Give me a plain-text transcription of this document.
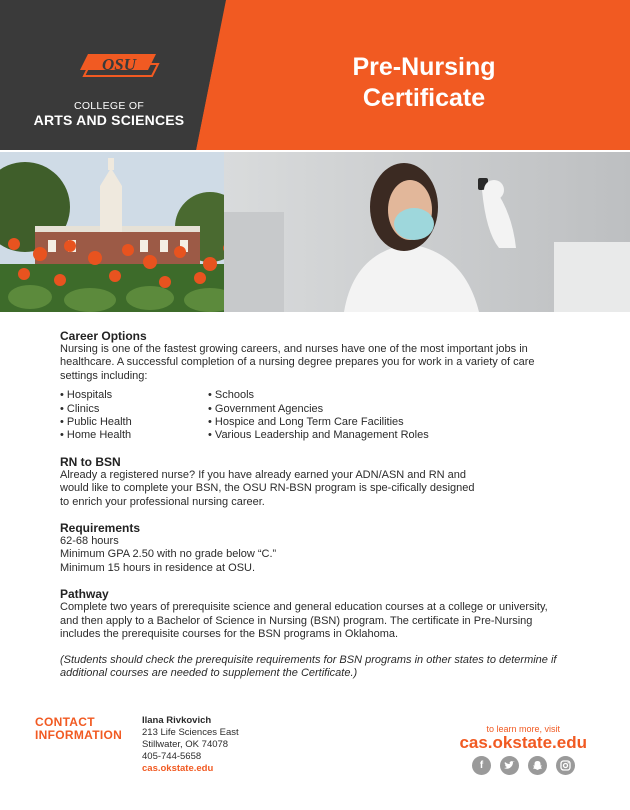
OSU
COLLEGE OF
ARTS AND SCIENCES
Pre-Nursing
Certificate
Career Options

Nursing is one of the fastest growing careers, and nurses have one of the most important jobs in healthcare. A successful completion of a nursing degree prepares you for work in a variety of care settings including:

• Hospitals
• Clinics
• Public Health
• Home Health
• Schools
• Government Agencies
• Hospice and Long Term Care Facilities
• Various Leadership and Management Roles
RN to BSN

Already a registered nurse? If you have already earned your ADN/ASN and RN and would like to complete your BSN, the OSU RN-BSN program is spe-cifically designed to enrich your professional nursing career.

Requirements
62-68 hours
Minimum GPA 2.50 with no grade below “C.”
Minimum 15 hours in residence at OSU.
Pathway

Complete two years of prerequisite science and general education courses at a college or university, and then apply to a Bachelor of Science in Nursing (BSN) program. The certificate in Pre-Nursing includes the prerequisite courses for the BSN programs in Oklahoma.

(Students should check the prerequisite requirements for BSN programs in other states to determine if additional courses are needed to supplement the Certificate.)

CONTACT
INFORMATION
Ilana Rivkovich
213 Life Sciences East
Stillwater, OK 74078
405-744-5658
cas.okstate.edu
to learn more, visit
cas.okstate.edu
f
